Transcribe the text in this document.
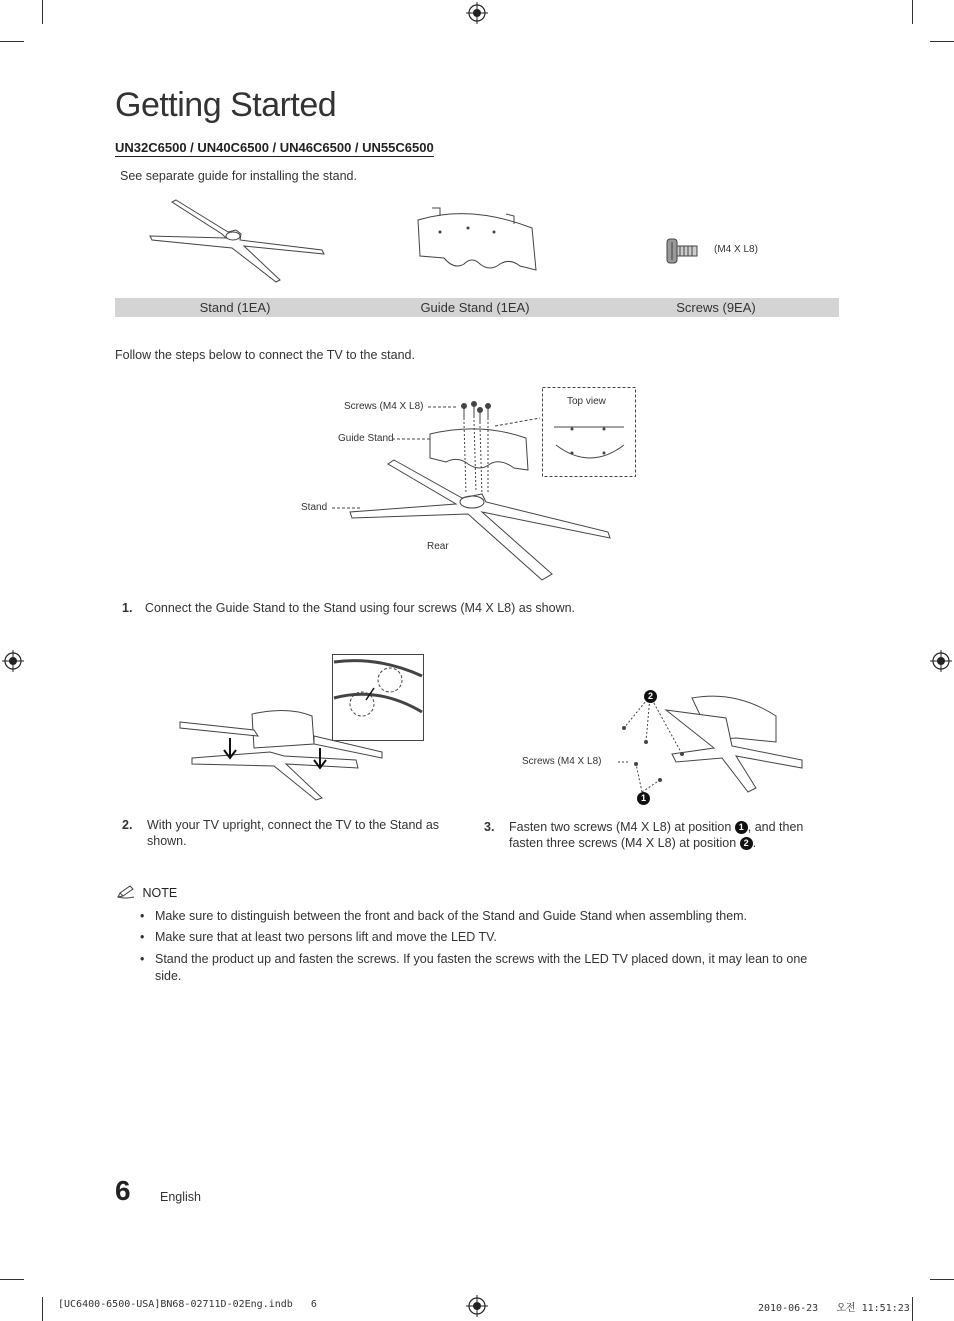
Getting Started
UN32C6500 / UN40C6500 / UN46C6500 / UN55C6500
See separate guide for installing the stand.
(M4 X L8)
Stand (1EA)	Guide Stand (1EA)	Screws (9EA)
Follow the steps below to connect the TV to the stand.
Screws (M4 X L8)
Guide Stand
Stand
Rear
Top view
1. Connect the Guide Stand to the Stand using four screws (M4 X L8) as shown.
Screws (M4 X L8)
2
1
2. With your TV upright, connect the TV to the Stand as shown.
3. Fasten two screws (M4 X L8) at position 1 , and then fasten three screws (M4 X L8) at position 2 .
NOTE
• Make sure to distinguish between the front and back of the Stand and Guide Stand when assembling them.
• Make sure that at least two persons lift and move the LED TV.
• Stand the product up and fasten the screws. If you fasten the screws with the LED TV placed down, it may lean to one side.
6 English
[UC6400-6500-USA]BN68-02711D-02Eng.indb   6	2010-06-23   오전 11:51:23
